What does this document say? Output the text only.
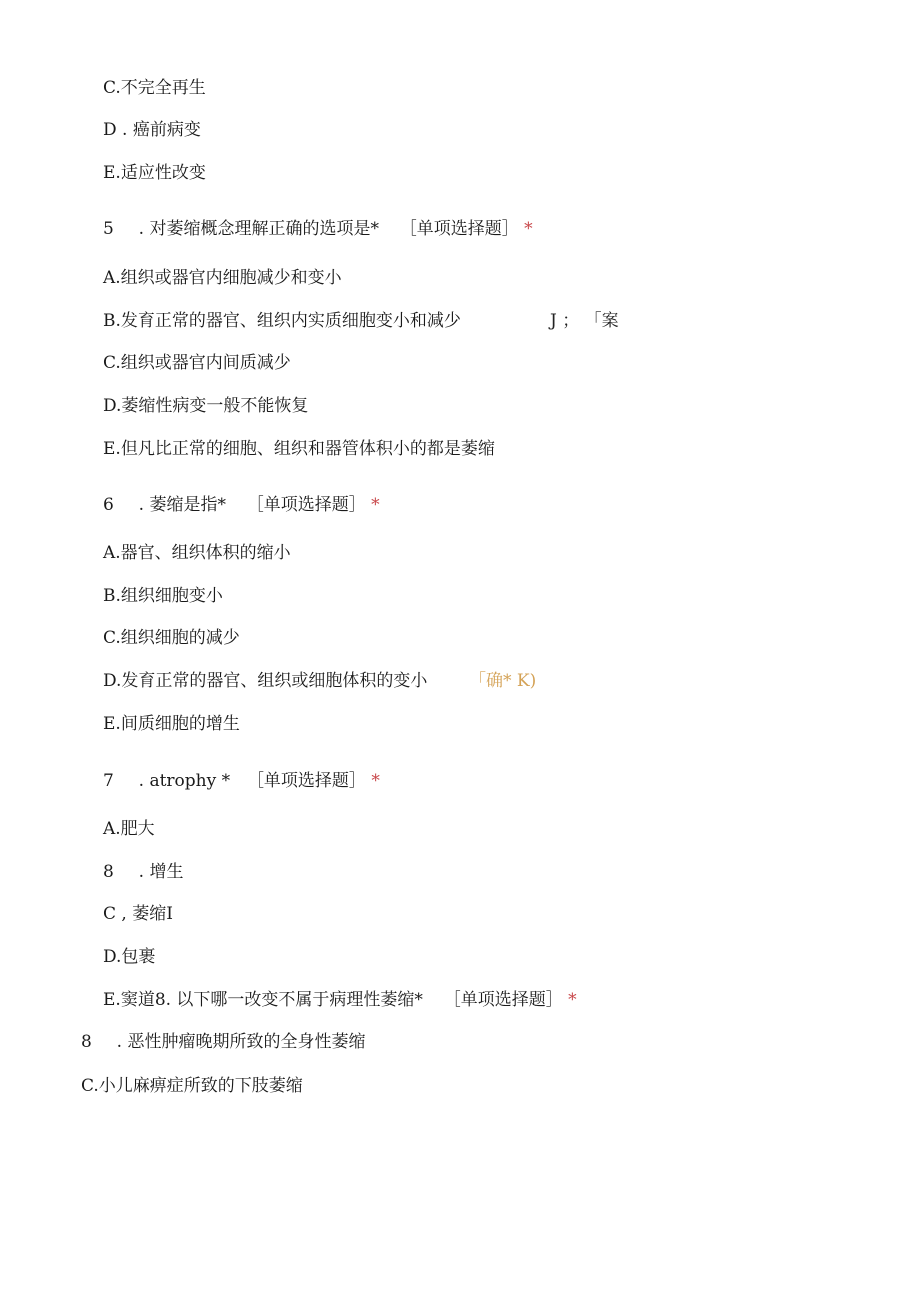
C.不完全再生
D . 癌前病变
E.适应性改变
5 . 对萎缩概念理解正确的选项是* ［单项选择题］ *
A.组织或器官内细胞减少和变小
B.发育正常的器官、组织内实质细胞变小和减少	J ； 「案
C.组织或器官内间质减少
D.萎缩性病变一般不能恢复
E.但凡比正常的细胞、组织和器管体积小的都是萎缩
6 . 萎缩是指* ［单项选择题］ *
A.器官、组织体积的缩小
B.组织细胞变小
C.组织细胞的减少
D.发育正常的器官、组织或细胞体积的变小 「确* K)
E.间质细胞的增生
7 . atrophy * ［单项选择题］ *
A.肥大
8 . 增生
C , 萎缩I
D.包裹
E.窦道8. 以下哪一改变不属于病理性萎缩* ［单项选择题］ *
8 . 恶性肿瘤晚期所致的全身性萎缩
C.小儿麻痹症所致的下肢萎缩
